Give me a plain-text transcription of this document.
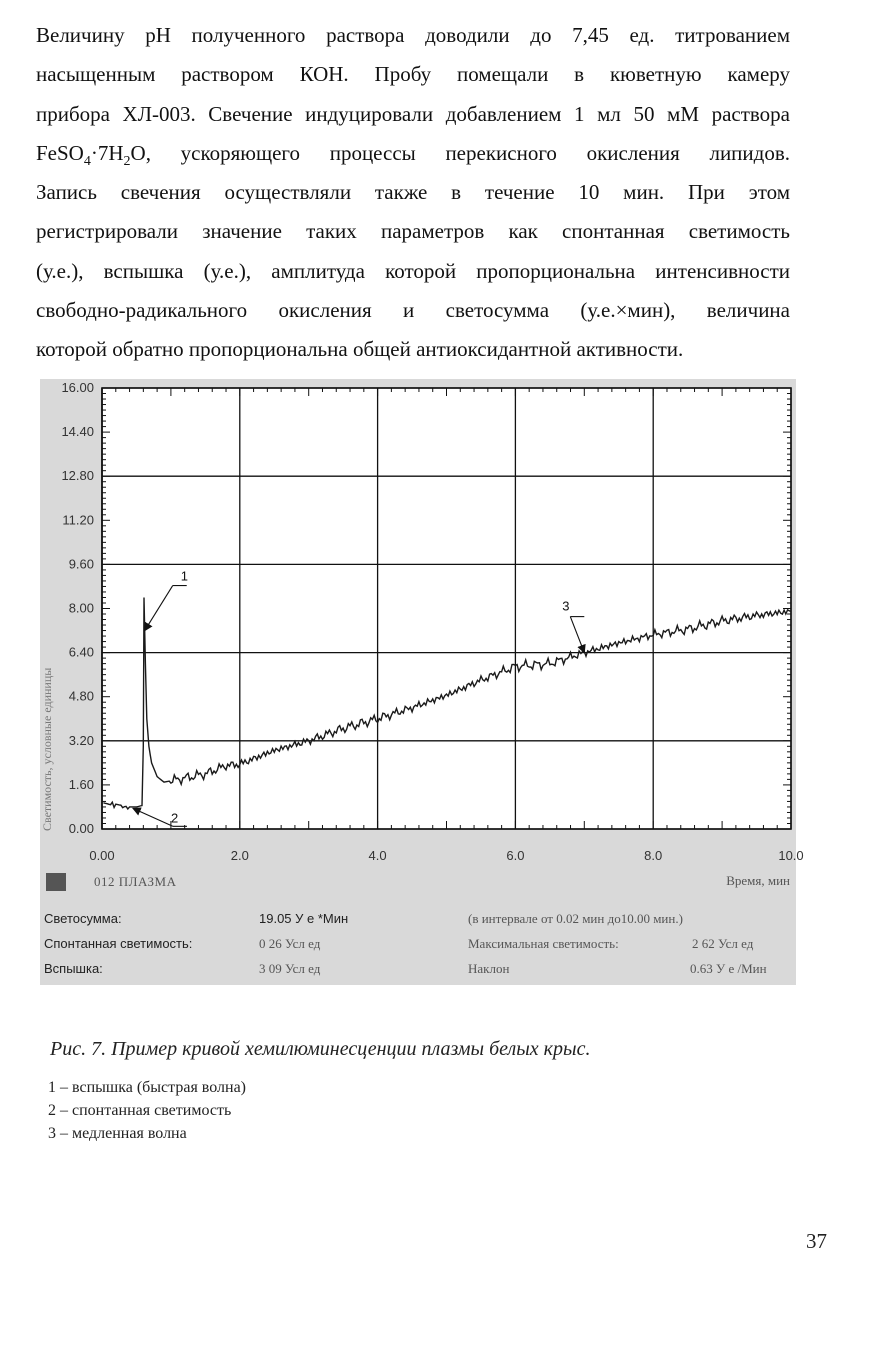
Величину рН полученного раствора доводили до 7,45 ед. титрованием
насыщенным раствором КОН. Пробу помещали в кюветную камеру
прибора ХЛ-003. Свечение индуцировали добавлением 1 мл 50 мМ раствора
$FeSO_4\cdot 7H_2O$, ускоряющего процессы перекисного окисления липидов.
Запись свечения осуществляли также в течение 10 мин. При этом
регистрировали значение таких параметров как спонтанная светимость
(у.е.), вспышка (у.е.), амплитуда которой пропорциональна интенсивности
свободно-радикального окисления и светосумма (у.е.×мин), величина
которой обратно пропорциональна общей антиоксидантной активности.
16.00
14.40
12.80
11.20
9.60
8.00
6.40
4.80
3.20
1.60
0.00
0.00	2.0	4.0	6.0	8.0	10.0
1
2
3
Светимость, условные единицы
012 ПЛАЗМА	Время, мин
Светосумма:	19.05 У е *Мин	(в интервале от 0.02 мин до10.00 мин.)
Спонтанная светимость:	0 26 Усл ед	Максимальная светимость:	2 62 Усл ед
Вспышка:	3 09 Усл ед	Наклон	0.63 У е /Мин
Рис. 7. Пример кривой хемилюминесценции плазмы белых крыс.
1 – вспышка (быстрая волна)
2 – спонтанная светимость
3 – медленная волна
37
